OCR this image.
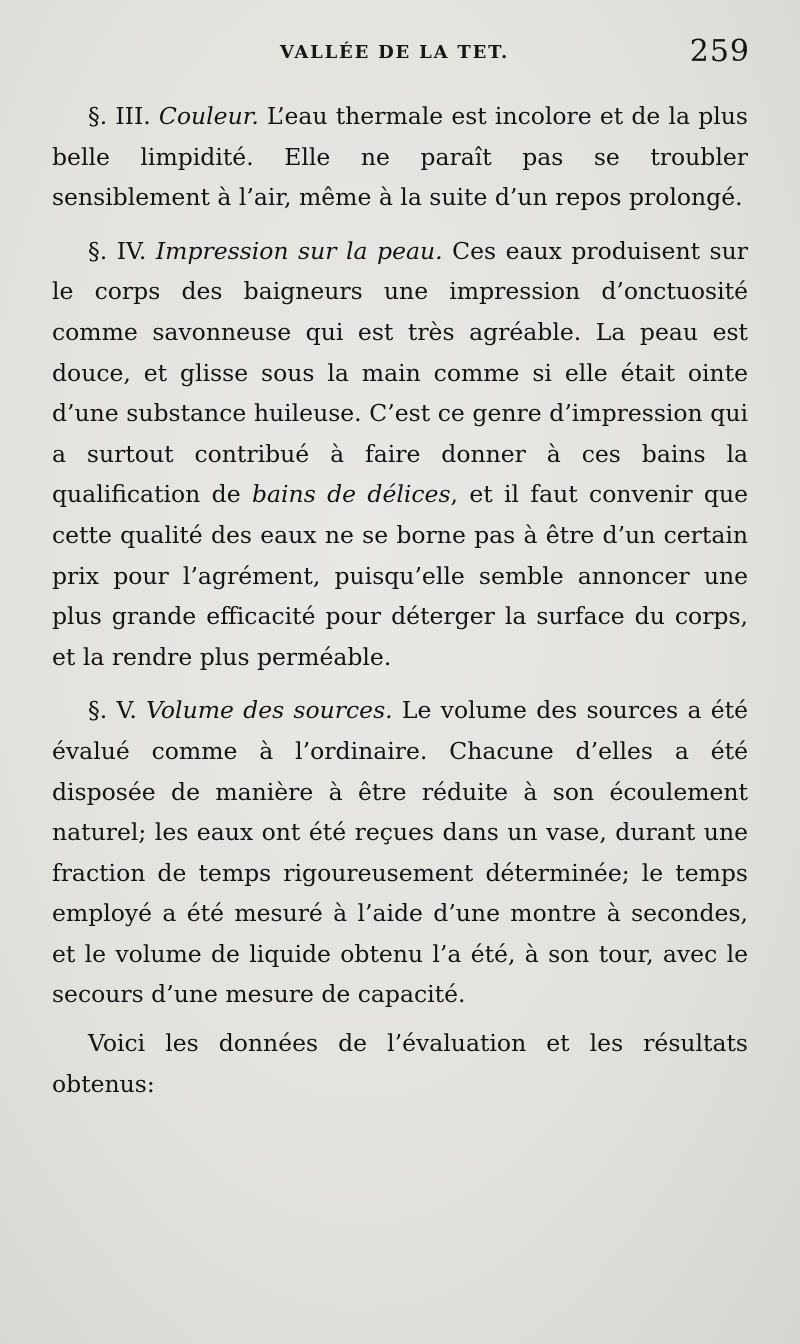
VALLÉE DE LA TET.	259

§. III. Couleur. L’eau thermale est incolore et de la plus belle limpidité. Elle ne paraît pas se troubler sensiblement à l’air, même à la suite d’un repos prolongé.

§. IV. Impression sur la peau. Ces eaux produisent sur le corps des baigneurs une impression d’onctuosité comme savonneuse qui est très agréable. La peau est douce, et glisse sous la main comme si elle était ointe d’une substance huileuse. C’est ce genre d’impression qui a surtout contribué à faire donner à ces bains la qualification de bains de délices, et il faut convenir que cette qualité des eaux ne se borne pas à être d’un certain prix pour l’agrément, puisqu’elle semble annoncer une plus grande efficacité pour déterger la surface du corps, et la rendre plus perméable.

§. V. Volume des sources. Le volume des sources a été évalué comme à l’ordinaire. Chacune d’elles a été disposée de manière à être réduite à son écoulement naturel; les eaux ont été reçues dans un vase, durant une fraction de temps rigoureusement déterminée; le temps employé a été mesuré à l’aide d’une montre à secondes, et le volume de liquide obtenu l’a été, à son tour, avec le secours d’une mesure de capacité.

Voici les données de l’évaluation et les résultats obtenus:
